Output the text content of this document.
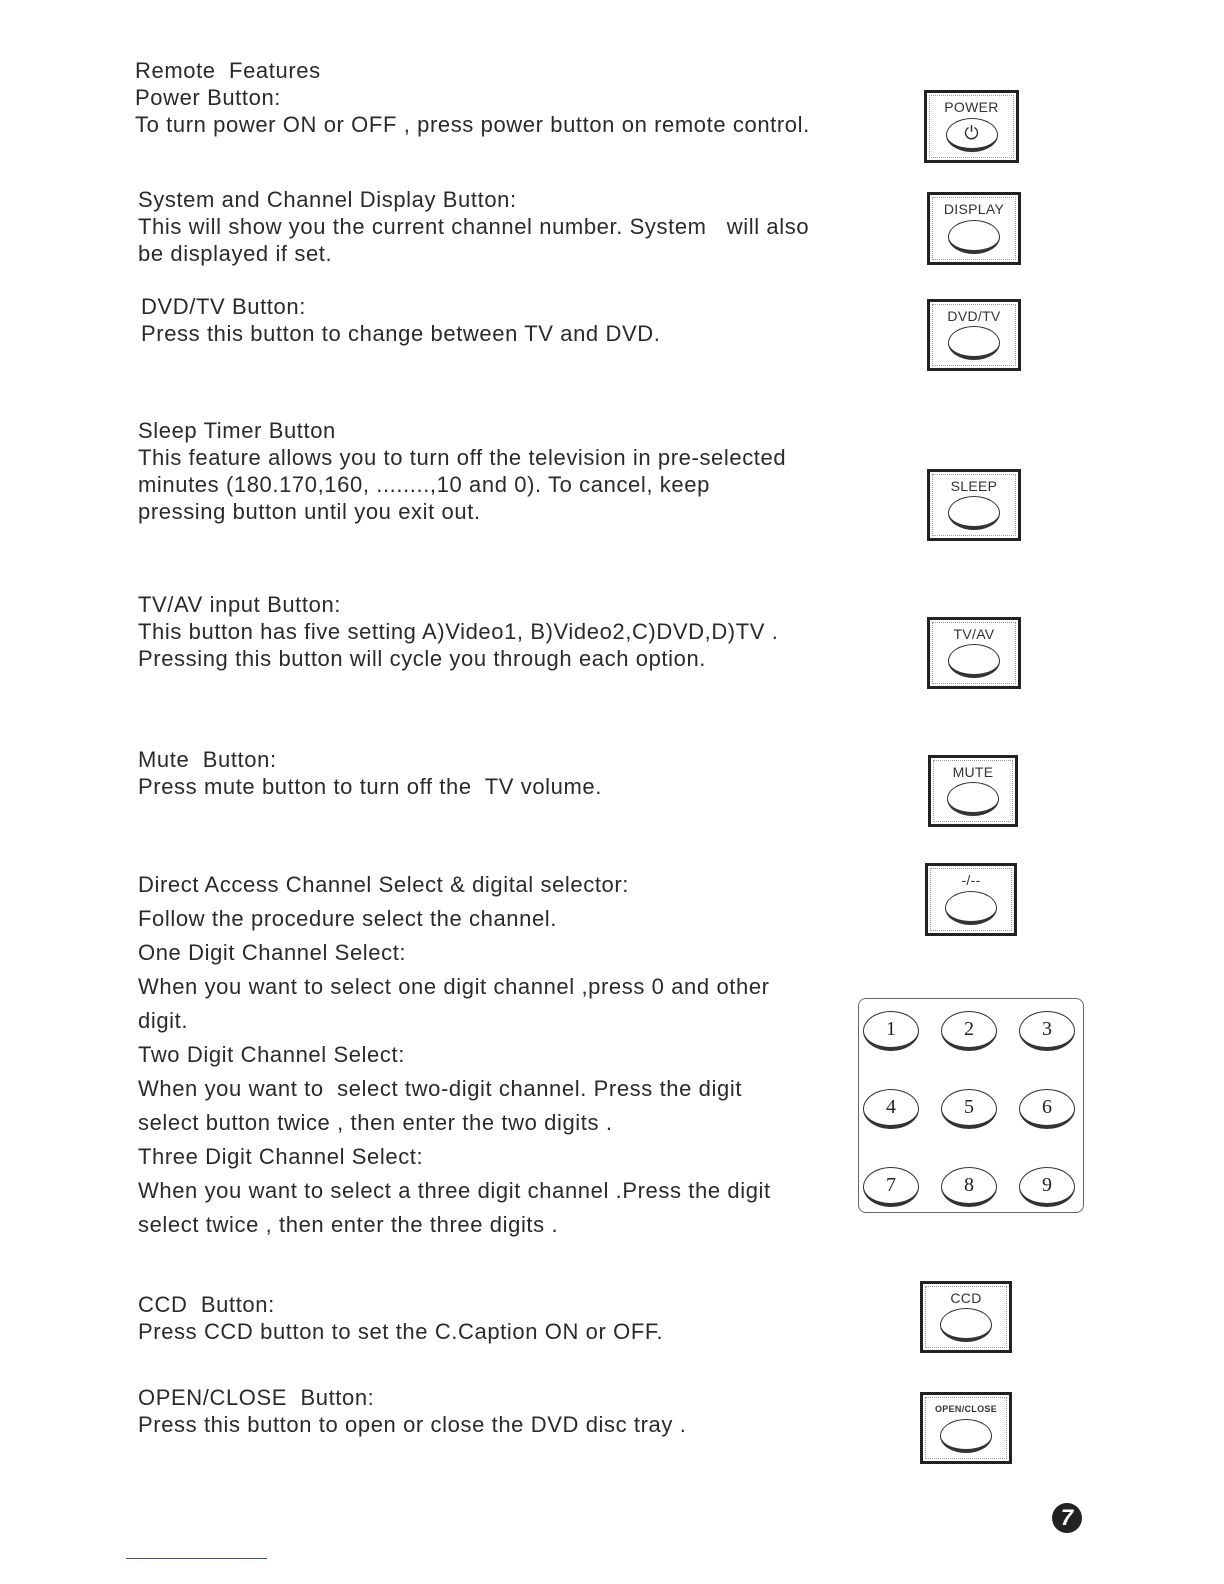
Remote  Features
Power Button:
To turn power ON or OFF , press power button on remote control.
System and Channel Display Button:
This will show you the current channel number. System   will also
be displayed if set.
DVD/TV Button:
Press this button to change between TV and DVD.
Sleep Timer Button
This feature allows you to turn off the television in pre-selected
minutes (180.170,160, ........,10 and 0). To cancel, keep
pressing button until you exit out.
TV/AV input Button:
This button has five setting A)Video1, B)Video2,C)DVD,D)TV .
Pressing this button will cycle you through each option.
Mute  Button:
Press mute button to turn off the  TV volume.
Direct Access Channel Select & digital selector:
Follow the procedure select the channel.
One Digit Channel Select:
When you want to select one digit channel ,press 0 and other
digit.
Two Digit Channel Select:
When you want to  select two-digit channel. Press the digit
select button twice , then enter the two digits .
Three Digit Channel Select:
When you want to select a three digit channel .Press the digit
select twice , then enter the three digits .
CCD  Button:
Press CCD button to set the C.Caption ON or OFF.
OPEN/CLOSE  Button:
Press this button to open or close the DVD disc tray .
POWER
⏻
DISPLAY
DVD/TV
SLEEP
TV/AV
MUTE
-/--
CCD
OPEN/CLOSE
1	2	3
4	5	6
7	8	9
7
